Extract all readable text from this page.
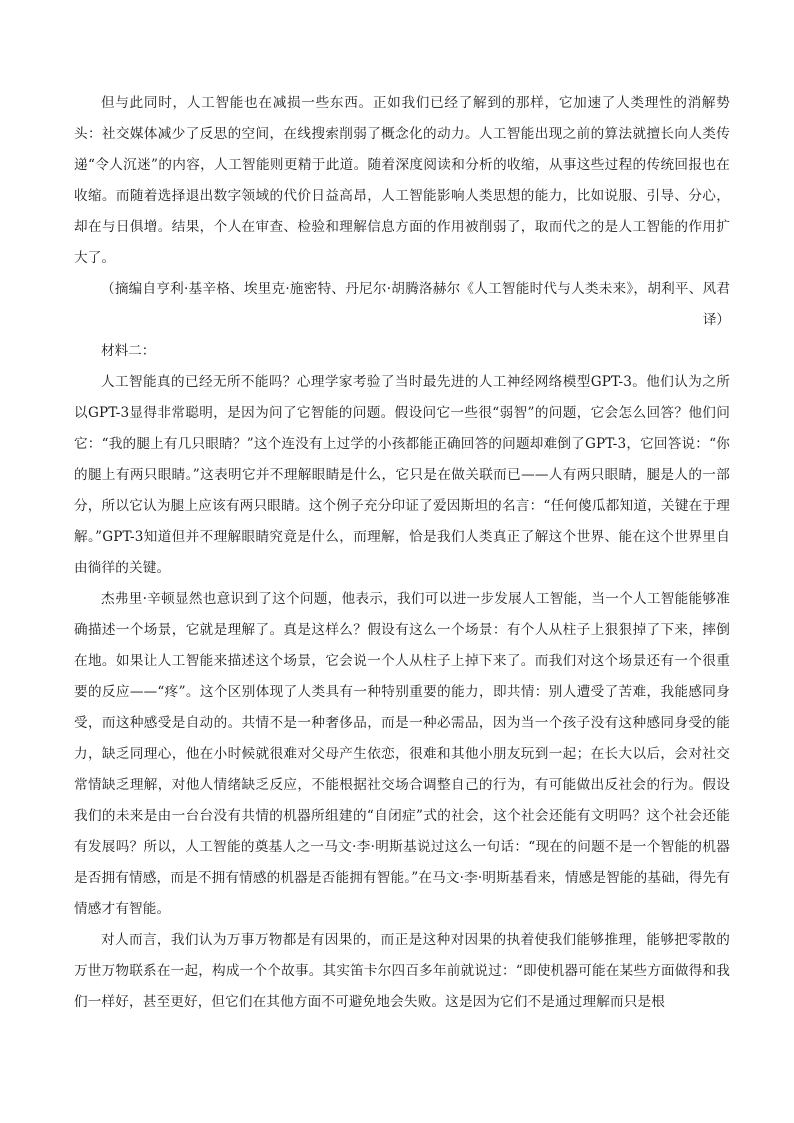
但与此同时，人工智能也在减损一些东西。正如我们已经了解到的那样，它加速了人类理性的消解势头：社交媒体减少了反思的空间，在线搜索削弱了概念化的动力。人工智能出现之前的算法就擅长向人类传递“令人沉迷”的内容，人工智能则更精于此道。随着深度阅读和分析的收缩，从事这些过程的传统回报也在收缩。而随着选择退出数字领域的代价日益高昂，人工智能影响人类思想的能力，比如说服、引导、分心，却在与日俱增。结果，个人在审查、检验和理解信息方面的作用被削弱了，取而代之的是人工智能的作用扩大了。

（摘编自亨利·基辛格、埃里克·施密特、丹尼尔·胡腾洛赫尔《人工智能时代与人类未来》，胡利平、风君译）

材料二：

人工智能真的已经无所不能吗？心理学家考验了当时最先进的人工神经网络模型GPT-3。他们认为之所以GPT-3显得非常聪明，是因为问了它智能的问题。假设问它一些很“弱智”的问题，它会怎么回答？他们问它：“我的腿上有几只眼睛？”这个连没有上过学的小孩都能正确回答的问题却难倒了GPT-3，它回答说：“你的腿上有两只眼睛。”这表明它并不理解眼睛是什么，它只是在做关联而已——人有两只眼睛，腿是人的一部分，所以它认为腿上应该有两只眼睛。这个例子充分印证了爱因斯坦的名言：“任何傻瓜都知道，关键在于理解。”GPT-3知道但并不理解眼睛究竟是什么，而理解，恰是我们人类真正了解这个世界、能在这个世界里自由徜徉的关键。

杰弗里·辛顿显然也意识到了这个问题，他表示，我们可以进一步发展人工智能，当一个人工智能能够准确描述一个场景，它就是理解了。真是这样么？假设有这么一个场景：有个人从柱子上狠狠掉了下来，摔倒在地。如果让人工智能来描述这个场景，它会说一个人从柱子上掉下来了。而我们对这个场景还有一个很重要的反应——“疼”。这个区别体现了人类具有一种特别重要的能力，即共情：别人遭受了苦难，我能感同身受，而这种感受是自动的。共情不是一种奢侈品，而是一种必需品，因为当一个孩子没有这种感同身受的能力，缺乏同理心，他在小时候就很难对父母产生依恋，很难和其他小朋友玩到一起；在长大以后，会对社交常情缺乏理解，对他人情绪缺乏反应，不能根据社交场合调整自己的行为，有可能做出反社会的行为。假设我们的未来是由一台台没有共情的机器所组建的“自闭症”式的社会，这个社会还能有文明吗？这个社会还能有发展吗？所以，人工智能的奠基人之一马文·李·明斯基说过这么一句话：“现在的问题不是一个智能的机器是否拥有情感，而是不拥有情感的机器是否能拥有智能。”在马文·李·明斯基看来，情感是智能的基础，得先有情感才有智能。

对人而言，我们认为万事万物都是有因果的，而正是这种对因果的执着使我们能够推理，能够把零散的万世万物联系在一起，构成一个个故事。其实笛卡尔四百多年前就说过：“即使机器可能在某些方面做得和我们一样好，甚至更好，但它们在其他方面不可避免地会失败。这是因为它们不是通过理解而只是根
